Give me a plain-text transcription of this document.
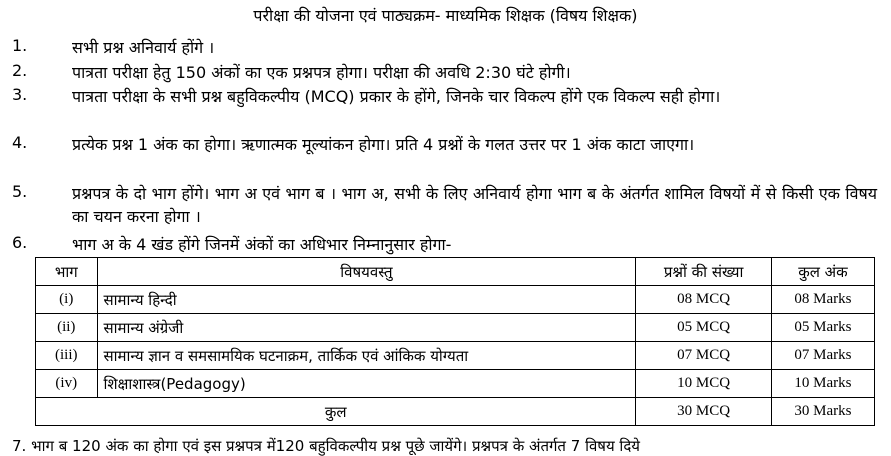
परीक्षा की योजना एवं पाठ्यक्रम- माध्यमिक शिक्षक (विषय शिक्षक)
1.	सभी प्रश्न अनिवार्य होंगे ।
2.	पात्रता परीक्षा हेतु 150 अंकों का एक प्रश्नपत्र होगा। परीक्षा की अवधि 2:30 घंटे होगी।
3.	पात्रता परीक्षा के सभी प्रश्न बहुविकल्पीय (MCQ) प्रकार के होंगे, जिनके चार विकल्प होंगे एक विकल्प सही होगा।
4.	प्रत्येक प्रश्न 1 अंक का होगा। ऋणात्मक मूल्यांकन होगा। प्रति 4 प्रश्नों के गलत उत्तर पर 1 अंक काटा जाएगा।
5.	प्रश्नपत्र के दो भाग होंगे। भाग अ एवं भाग ब । भाग अ, सभी के लिए अनिवार्य होगा भाग ब के अंतर्गत शामिल विषयों में से किसी एक विषय का चयन करना होगा ।
6.	भाग अ के 4 खंड होंगे जिनमें अंकों का अधिभार निम्नानुसार होगा-
भाग	विषयवस्तु	प्रश्नों की संख्या	कुल अंक
(i)	सामान्य हिन्दी	08 MCQ	08 Marks
(ii)	सामान्य अंग्रेजी	05 MCQ	05 Marks
(iii)	सामान्य ज्ञान व समसामयिक घटनाक्रम, तार्किक एवं आंकिक योग्यता	07 MCQ	07 Marks
(iv)	शिक्षाशास्त्र(Pedagogy)	10 MCQ	10 Marks
कुल		30 MCQ	30 Marks
7. भाग ब 120 अंक का होगा एवं इस प्रश्नपत्र में120 बहुविकल्पीय प्रश्न पूछे जायेंगे। प्रश्नपत्र के अंतर्गत 7 विषय दिये
